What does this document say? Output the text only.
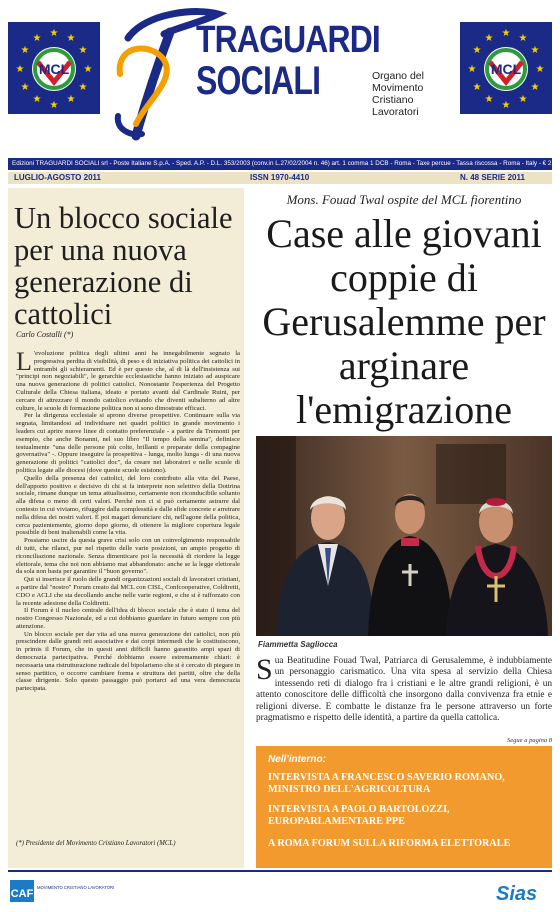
★ ★
★
★
★
★
★
★
★
★
★
★
MCL
TRAGUARDI
SOCIALI	Organo del Movimento Cristiano Lavoratori
★ ★
★
★
★
★
★
★
★
★
★
★
MCL
Edizioni TRAGUARDI SOCIALI srl - Poste Italiane S.p.A. - Sped. A.P. - D.L. 353/2003 (conv.in L.27/02/2004 n. 46) art. 1 comma 1 DCB - Roma - Taxe percue - Tassa riscossa - Roma - Italy - € 2,00
LUGLIO-AGOSTO 2011	ISSN 1970-4410	N. 48 SERIE 2011
Un blocco sociale per una nuova generazione di cattolici
Carlo Costalli (*)

L 'evoluzione politica degli ultimi anni ha innegabilmente segnato la progressiva perdita di visibilità, di peso e di iniziativa politica dei cattolici in entrambi gli schieramenti. Ed è per questo che, al di là dell'insistenza sui "principi non negoziabili", le gerarchie ecclesiastiche hanno iniziato ad auspicare una nuova generazione di politici cattolici. Nonostante l'esperienza del Progetto Culturale della Chiesa italiana, ideato e portato avanti dal Cardinale Ruini, per cercare di attrezzare il mondo cattolico evitando che diventi subalterno ad altre culture, le scuole di formazione politica non si sono dimostrate efficaci.

Per la dirigenza ecclesiale si aprono diverse prospettive. Continuare sulla via segnata, limitandosi ad individuare nei quadri politici in grande movimento i leaders cui aprire nuove linee di contatto preferenziale - a partire da Tremonti per esempio, che anche Bonanni, nel suo libro "Il tempo della semina", definisce testualmente "una delle persone più colte, brillanti e preparate della compagine governativa" -. Oppure inseguire la prospettiva - lunga, molto lunga - di una nuova generazione di politici "cattolici doc", da creare nei laboratori e nelle scuole di politica legate alle diocesi (dove queste scuole esistono).

Quello della presenza dei cattolici, del loro contributo alla vita del Paese, dell'apporto positivo e decisivo di chi si fa interprete non selettivo della Dottrina sociale, rimane dunque un tema attualissimo, certamente non riconducibile soltanto alla difesa o meno di certi valori. Perché non ci si può certamente astrarre dal contesto in cui viviamo, rifuggire dalla complessità e dalle sfide concrete e arretrare nella difesa dei nostri valori. È poi magari denunciare chi, nell'agone della politica, cerca pazientemente, giorno dopo giorno, di ottenere la migliore copertura legale possibile di beni inalienabili come la vita.

Possiamo uscire da questa grave crisi solo con un coinvolgimento responsabile di tutti, che rilanci, pur nel rispetto delle varie posizioni, un ampio progetto di riconciliazione nazionale. Senza dimenticare poi la necessità di riordere la legge elettorale, tema che noi non abbiamo mai abbandonato: anche se la legge elettorale da sola non basta per garantire il "buon governo".

Qui si inserisce il ruolo delle grandi organizzazioni sociali di lavoratori cristiani, a partire dal "nostro" Forum creato dal MCL con CISL, Confcooperative, Coldiretti, CDO e ACLI che sta decollando anche nelle varie regioni, e che si è rafforzato con la recente adesione della Coldiretti.

Il Forum è il nucleo centrale dell'idea di blocco sociale che è stato il tema del nostro Congresso Nazionale, ed a cui dobbiamo guardare in futuro sempre con più attenzione.

Un blocco sociale per dar vita ad una nuova generazione dei cattolici, non più prescindere dalle grandi reti associative e dai corpi intermedi che le costituiscono, in primis il Forum, che in questi anni difficili hanno garantito ampi spazi di democrazia partecipativa. Perché dobbiamo essere estremamente chiari: è necessaria una ristrutturazione radicale del bipolarismo che si è cercato di piegare in senso partitico, o occorre cambiare forma e struttura dei partiti, oltre che della classe dirigente. Solo questo passaggio può portarci ad una vera democrazia partecipata.

(*) Presidente del Movimento Cristiano Lavoratori (MCL)
Mons. Fouad Twal ospite del MCL fiorentino
Case alle giovani coppie di Gerusalemme per arginare l'emigrazione
Fiammetta Sagliocca
Sua Beatitudine Fouad Twal, Patriarca di Gerusalemme, è indubbiamente un personaggio carismatico. Una vita spesa al servizio della Chiesa intessendo reti di dialogo fra i cristiani e le altre grandi religioni, è un attento conoscitore delle difficoltà che insorgono dalla convivenza fra etnie e religioni diverse. E combatte le distanze fra le persone attraverso un forte pragmatismo e rispetto delle identità, a partire da quella cattolica.
Segue a pagina 8
Nell'interno:
INTERVISTA A FRANCESCO SAVERIO ROMANO, MINISTRO DELL'AGRICOLTURA
INTERVISTA A PAOLO BARTOLOZZI, EUROPARLAMENTARE PPE
A ROMA FORUM SULLA RIFORMA ELETTORALE
CAF
MOVIMENTO CRISTIANO LAVORATORI	Sias
